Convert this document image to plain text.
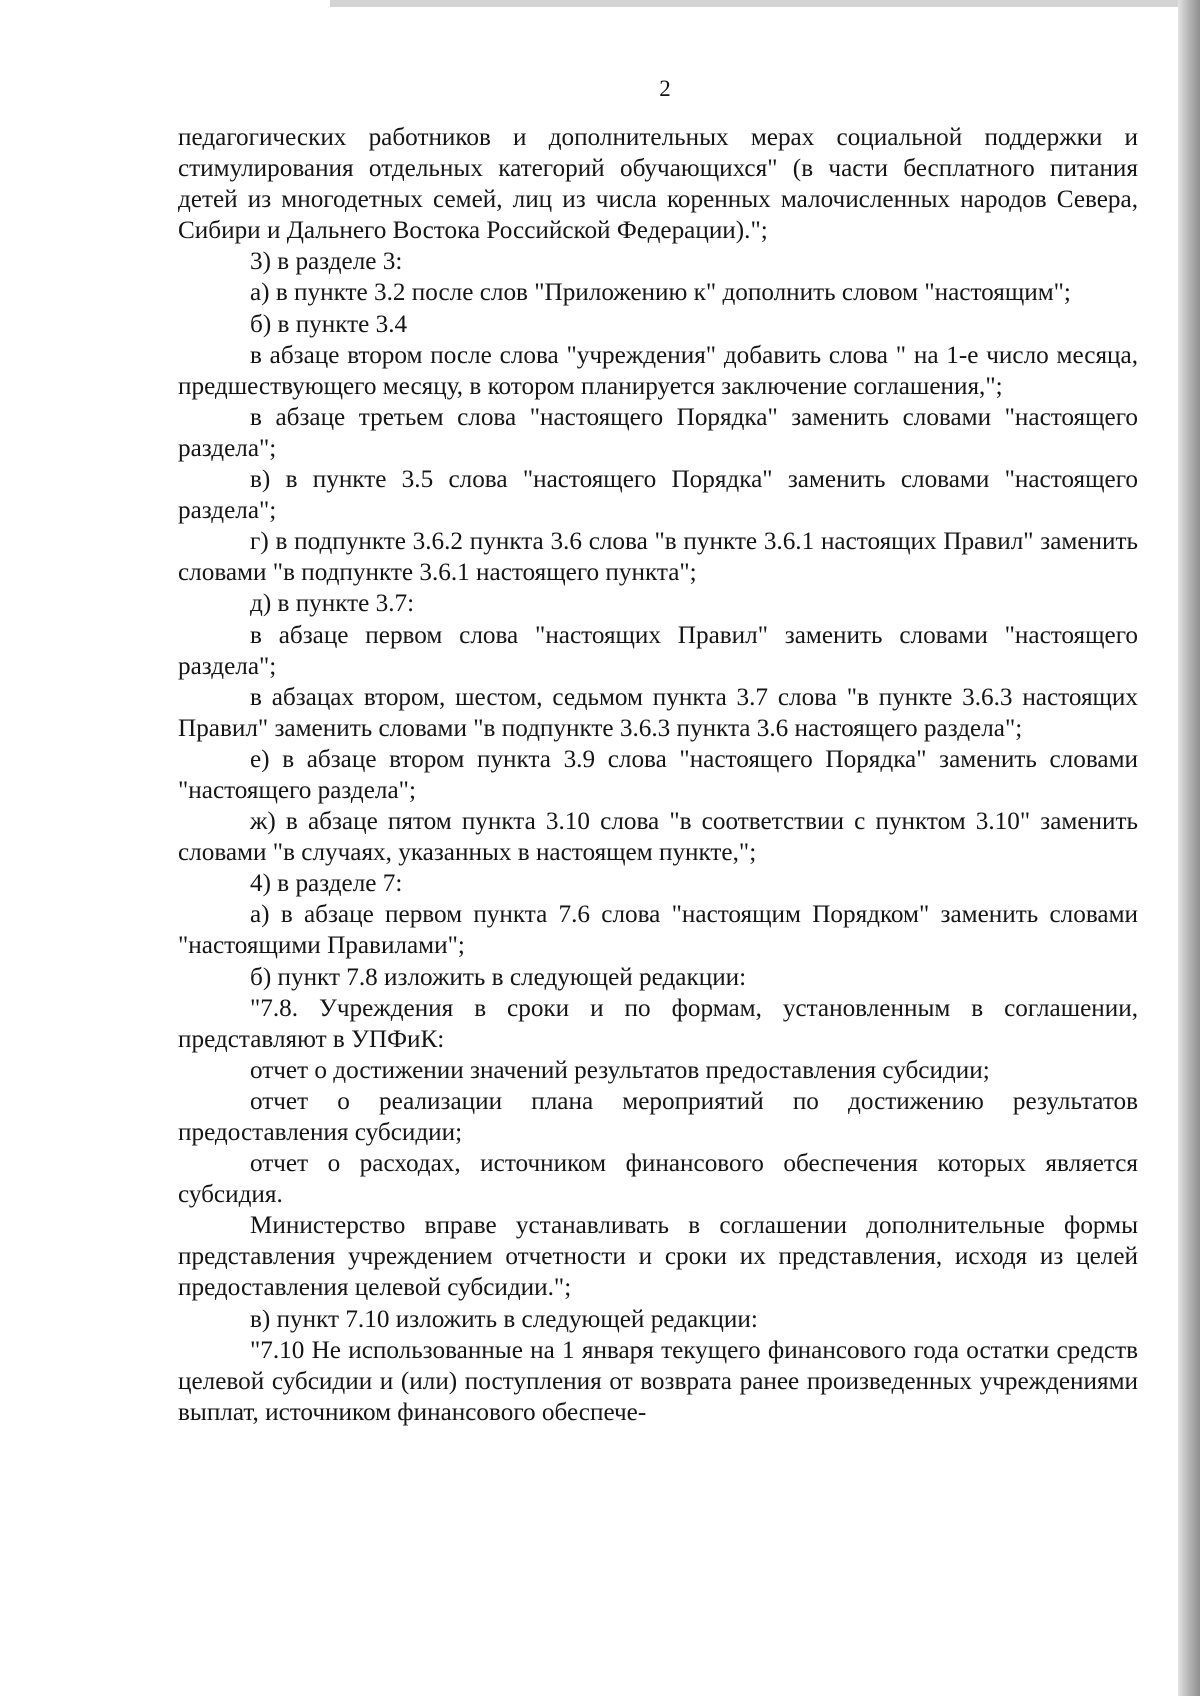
2

педагогических работников и дополнительных мерах социальной поддержки и стимулирования отдельных категорий обучающихся" (в части бесплатного питания детей из многодетных семей, лиц из числа коренных малочисленных народов Севера, Сибири и Дальнего Востока Российской Федерации).";

3) в разделе 3:

а) в пункте 3.2 после слов "Приложению к" дополнить словом "настоящим";

б) в пункте 3.4

в абзаце втором после слова "учреждения" добавить слова " на 1-е число месяца, предшествующего месяцу, в котором планируется заключение соглашения,";

в абзаце третьем слова "настоящего Порядка" заменить словами "настоящего раздела";

в) в пункте 3.5 слова "настоящего Порядка" заменить словами "настоящего раздела";

г) в подпункте 3.6.2 пункта 3.6 слова "в пункте 3.6.1 настоящих Правил" заменить словами "в подпункте 3.6.1 настоящего пункта";

д) в пункте 3.7:

в абзаце первом слова "настоящих Правил" заменить словами "настоящего раздела";

в абзацах втором, шестом, седьмом пункта 3.7 слова "в пункте 3.6.3 настоящих Правил" заменить словами "в подпункте 3.6.3 пункта 3.6 настоящего раздела";

е) в абзаце втором пункта 3.9 слова "настоящего Порядка" заменить словами "настоящего раздела";

ж) в абзаце пятом пункта 3.10 слова "в соответствии с пунктом 3.10" заменить словами "в случаях, указанных в настоящем пункте,";

4) в разделе 7:

а) в абзаце первом пункта 7.6 слова "настоящим Порядком" заменить словами "настоящими Правилами";

б) пункт 7.8 изложить в следующей редакции:

"7.8. Учреждения в сроки и по формам, установленным в соглашении, представляют в УПФиК:

отчет о достижении значений результатов предоставления субсидии;

отчет о реализации плана мероприятий по достижению результатов предоставления субсидии;

отчет о расходах, источником финансового обеспечения которых является субсидия.

Министерство вправе устанавливать в соглашении дополнительные формы представления учреждением отчетности и сроки их представления, исходя из целей предоставления целевой субсидии.";

в) пункт 7.10 изложить в следующей редакции:

"7.10 Не использованные на 1 января текущего финансового года остатки средств целевой субсидии и (или) поступления от возврата ранее произведенных учреждениями выплат, источником финансового обеспече-
